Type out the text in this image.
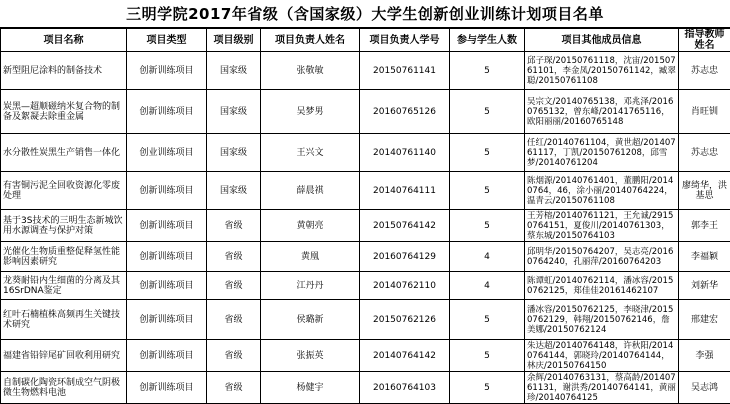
三明学院2017年省级（含国家级）大学生创新创业训练计划项目名单
项目名称	项目类型	项目级别	项目负责人姓名	项目负责人学号	参与学生人数	项目其他成员信息	指导教师姓名
新型阻尼涂料的制备技术	创新训练项目	国家级	张敬敏	20150761141	5	邱子琛/20150761118，沈宙/20150761101，李金凤/20150761142，臧翠聪/20150761108	苏志忠
炭黑—超顺磁纳米复合物的制备及絮凝去除重金属	创新训练项目	国家级	吴梦男	20160765126	5	吴宗文/20140765138，邓兆泽/20160765132，曾东峰/20141765116，欧阳丽丽/20160765148	肖旺钏
水分散性炭黑生产销售一体化	创业训练项目	国家级	王兴文	20140761140	5	任红/20140761104，黄世超/20140761117，丁凯/20150761208，邱雪梦/20140761204	苏志忠
有害铜污泥全回收资源化零废处理	创新训练项目	国家级	薛晨祺	20140764111	5	陈烟源/20140761401，董鹏阳/20140764，46，涂小丽/20140764224，温青云/20150761108	廖绮华，洪基思
基于3S技术的三明生态新城饮用水源调查与保护对策	创新训练项目	省级	黄朝亮	20150764142	5	王芳榕/20140761121，王允诚/29150764151，夏俊川/20140761303，蔡东城/20150764103	郭李王
光催化生物质重整促释氢性能影响因素研究	创新训练项目	省级	黄凰	20160764129	4	邱明华/20150764207，吴志亮/20160764240，孔丽萍/20160764203	李福颖
龙葵耐铅内生细菌的分离及其16SrDNA鉴定	创新训练项目	省级	江丹丹	20140762110	4	陈谭虹/20140762114，潘冰容/20150762125，郑佳佳20161462107	刘新华
红叶石楠植株高频再生关键技术研究	创新训练项目	省级	侯璐新	20150762126	5	潘冰容/20150762125，李晓津/20150762129，韩翔/20150762146，詹美娜/20150762124	邢建宏
福建省铅锌尾矿回收利用研究	创新训练项目	省级	张振英	20140764142	5	朱达超/20140764148，许秋阳/20140764144，郭晓玲/20140764144，林庆/20150764150	李强
自制碳化陶瓷环制成空气阴极微生物燃料电池	创新训练项目	省级	杨健宇	20160764103	5	余辉/20140763131，蔡高龄/20140761131，谢洪秀/20140764141，黄丽珍/20140764125	吴志鸿
